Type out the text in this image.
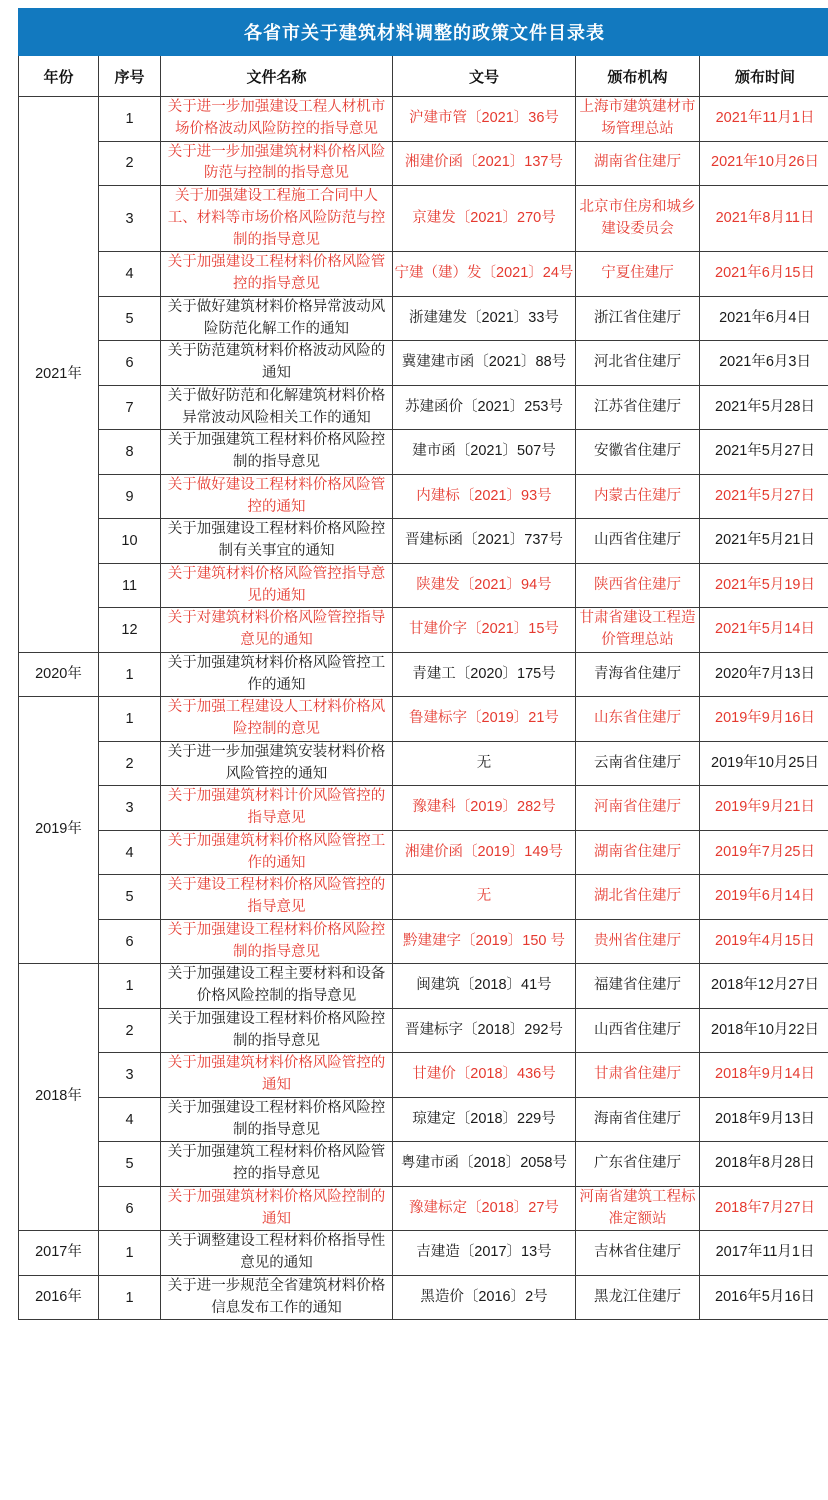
各省市关于建筑材料调整的政策文件目录表					
年份	序号	文件名称	文号	颁布机构	颁布时间
2021年	1	关于进一步加强建设工程人材机市场价格波动风险防控的指导意见	沪建市管〔2021〕36号	上海市建筑建材市场管理总站	2021年11月1日
	2	关于进一步加强建筑材料价格风险防范与控制的指导意见	湘建价函〔2021〕137号	湖南省住建厅	2021年10月26日
	3	关于加强建设工程施工合同中人工、材料等市场价格风险防范与控制的指导意见	京建发〔2021〕270号	北京市住房和城乡建设委员会	2021年8月11日
	4	关于加强建设工程材料价格风险管控的指导意见	宁建（建）发〔2021〕24号	宁夏住建厅	2021年6月15日
	5	关于做好建筑材料价格异常波动风险防范化解工作的通知	浙建建发〔2021〕33号	浙江省住建厅	2021年6月4日
	6	关于防范建筑材料价格波动风险的通知	冀建建市函〔2021〕88号	河北省住建厅	2021年6月3日
	7	关于做好防范和化解建筑材料价格异常波动风险相关工作的通知	苏建函价〔2021〕253号	江苏省住建厅	2021年5月28日
	8	关于加强建筑工程材料价格风险控制的指导意见	建市函〔2021〕507号	安徽省住建厅	2021年5月27日
	9	关于做好建设工程材料价格风险管控的通知	内建标〔2021〕93号	内蒙古住建厅	2021年5月27日
	10	关于加强建设工程材料价格风险控制有关事宜的通知	晋建标函〔2021〕737号	山西省住建厅	2021年5月21日
	11	关于建筑材料价格风险管控指导意见的通知	陕建发〔2021〕94号	陕西省住建厅	2021年5月19日
	12	关于对建筑材料价格风险管控指导意见的通知	甘建价字〔2021〕15号	甘肃省建设工程造价管理总站	2021年5月14日
2020年	1	关于加强建筑材料价格风险管控工作的通知	青建工〔2020〕175号	青海省住建厅	2020年7月13日
2019年	1	关于加强工程建设人工材料价格风险控制的意见	鲁建标字〔2019〕21号	山东省住建厅	2019年9月16日
	2	关于进一步加强建筑安装材料价格风险管控的通知	无	云南省住建厅	2019年10月25日
	3	关于加强建筑材料计价风险管控的指导意见	豫建科〔2019〕282号	河南省住建厅	2019年9月21日
	4	关于加强建筑材料价格风险管控工作的通知	湘建价函〔2019〕149号	湖南省住建厅	2019年7月25日
	5	关于建设工程材料价格风险管控的指导意见	无	湖北省住建厅	2019年6月14日
	6	关于加强建设工程材料价格风险控制的指导意见	黔建建字〔2019〕150 号	贵州省住建厅	2019年4月15日
2018年	1	关于加强建设工程主要材料和设备价格风险控制的指导意见	闽建筑〔2018〕41号	福建省住建厅	2018年12月27日
	2	关于加强建设工程材料价格风险控制的指导意见	晋建标字〔2018〕292号	山西省住建厅	2018年10月22日
	3	关于加强建筑材料价格风险管控的通知	甘建价〔2018〕436号	甘肃省住建厅	2018年9月14日
	4	关于加强建设工程材料价格风险控制的指导意见	琼建定〔2018〕229号	海南省住建厅	2018年9月13日
	5	关于加强建筑工程材料价格风险管控的指导意见	粤建市函〔2018〕2058号	广东省住建厅	2018年8月28日
	6	关于加强建筑材料价格风险控制的通知	豫建标定〔2018〕27号	河南省建筑工程标准定额站	2018年7月27日
2017年	1	关于调整建设工程材料价格指导性意见的通知	吉建造〔2017〕13号	吉林省住建厅	2017年11月1日
2016年	1	关于进一步规范全省建筑材料价格信息发布工作的通知	黑造价〔2016〕2号	黑龙江住建厅	2016年5月16日
